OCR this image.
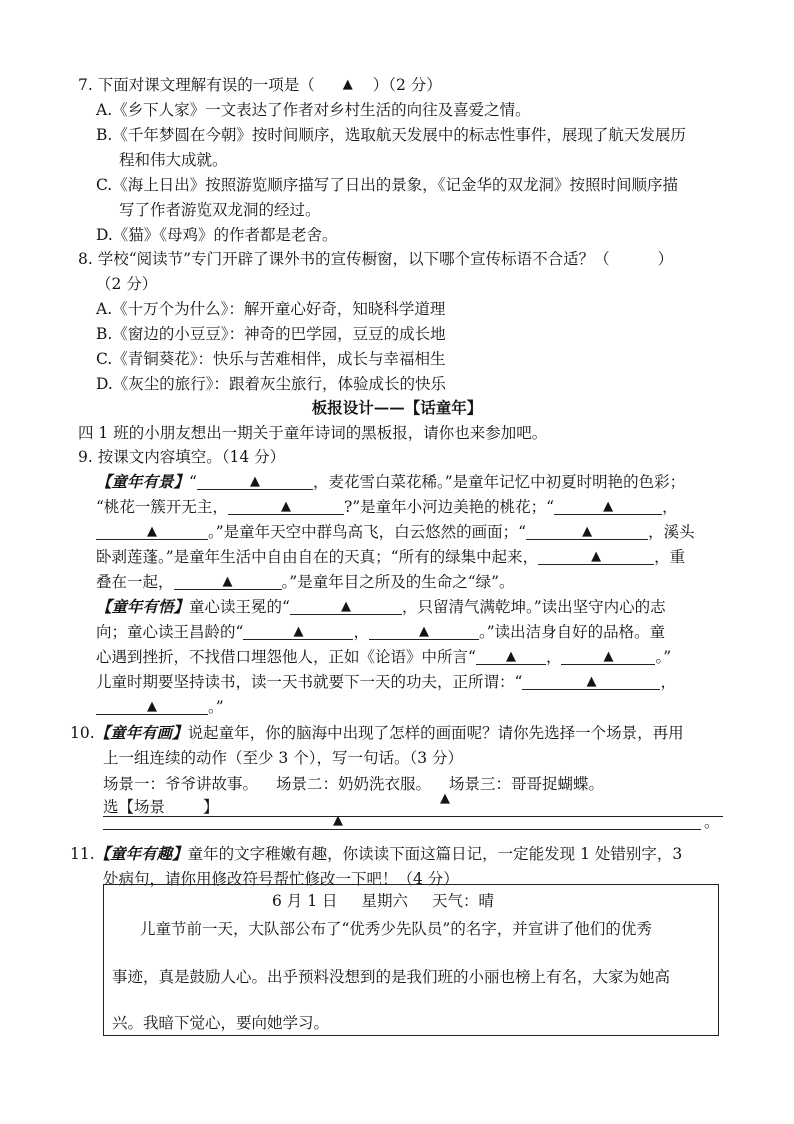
7. 下面对课文理解有误的一项是（ ▲ ）（2 分）
A.《乡下人家》一文表达了作者对乡村生活的向往及喜爱之情。
B.《千年梦圆在今朝》按时间顺序，选取航天发展中的标志性事件，展现了航天发展历
程和伟大成就。
C.《海上日出》按照游览顺序描写了日出的景象，《记金华的双龙洞》按照时间顺序描
写了作者游览双龙洞的经过。
D.《猫》《母鸡》的作者都是老舍。
8. 学校“阅读节”专门开辟了课外书的宣传橱窗，以下哪个宣传标语不合适？（	）
（2 分）
A.《十万个为什么》：解开童心好奇，知晓科学道理
B.《窗边的小豆豆》：神奇的巴学园，豆豆的成长地
C.《青铜葵花》：快乐与苦难相伴，成长与幸福相生
D.《灰尘的旅行》：跟着灰尘旅行，体验成长的快乐
板报设计——【话童年】
四 1 班的小朋友想出一期关于童年诗词的黑板报，请你也来参加吧。
9. 按课文内容填空。（14 分）
【童年有景】“	▲	，麦花雪白菜花稀。”是童年记忆中初夏时明艳的色彩；
“桃花一簇开无主，	▲	?”是童年小河边美艳的桃花；“	▲	，
▲	。”是童年天空中群鸟高飞，白云悠然的画面；“	▲	，溪头
卧剥莲蓬。”是童年生活中自由自在的天真；“所有的绿集中起来，	▲	，重
叠在一起，	▲	。”是童年目之所及的生命之“绿”。
【童年有悟】童心读王冕的“	▲	，只留清气满乾坤。”读出坚守内心的志
向；童心读王昌龄的“	▲	，	▲	。”读出洁身自好的品格。童
心遇到挫折，不找借口埋怨他人，正如《论语》中所言“ ▲ ，	▲	。”
儿童时期要坚持读书，读一天书就要下一天的功夫，正所谓：“	▲	，
▲	。”
10.【童年有画】说起童年，你的脑海中出现了怎样的画面呢？请你先选择一个场景，再用
上一组连续的动作（至少 3 个），写一句话。（3 分）
场景一：爷爷讲故事。 场景二：奶奶洗衣服。 场景三：哥哥捉蝴蝶。
选【场景 】	▲
▲	。
11.【童年有趣】童年的文字稚嫩有趣，你读读下面这篇日记，一定能发现 1 处错别字，3
处病句，请你用修改符号帮忙修改一下吧！（4 分）
6 月 1 日 星期六 天气：晴
儿童节前一天，大队部公布了“优秀少先队员”的名字，并宣讲了他们的优秀
事迹，真是鼓励人心。出乎预料没想到的是我们班的小丽也榜上有名，大家为她高
兴。我暗下觉心，要向她学习。
